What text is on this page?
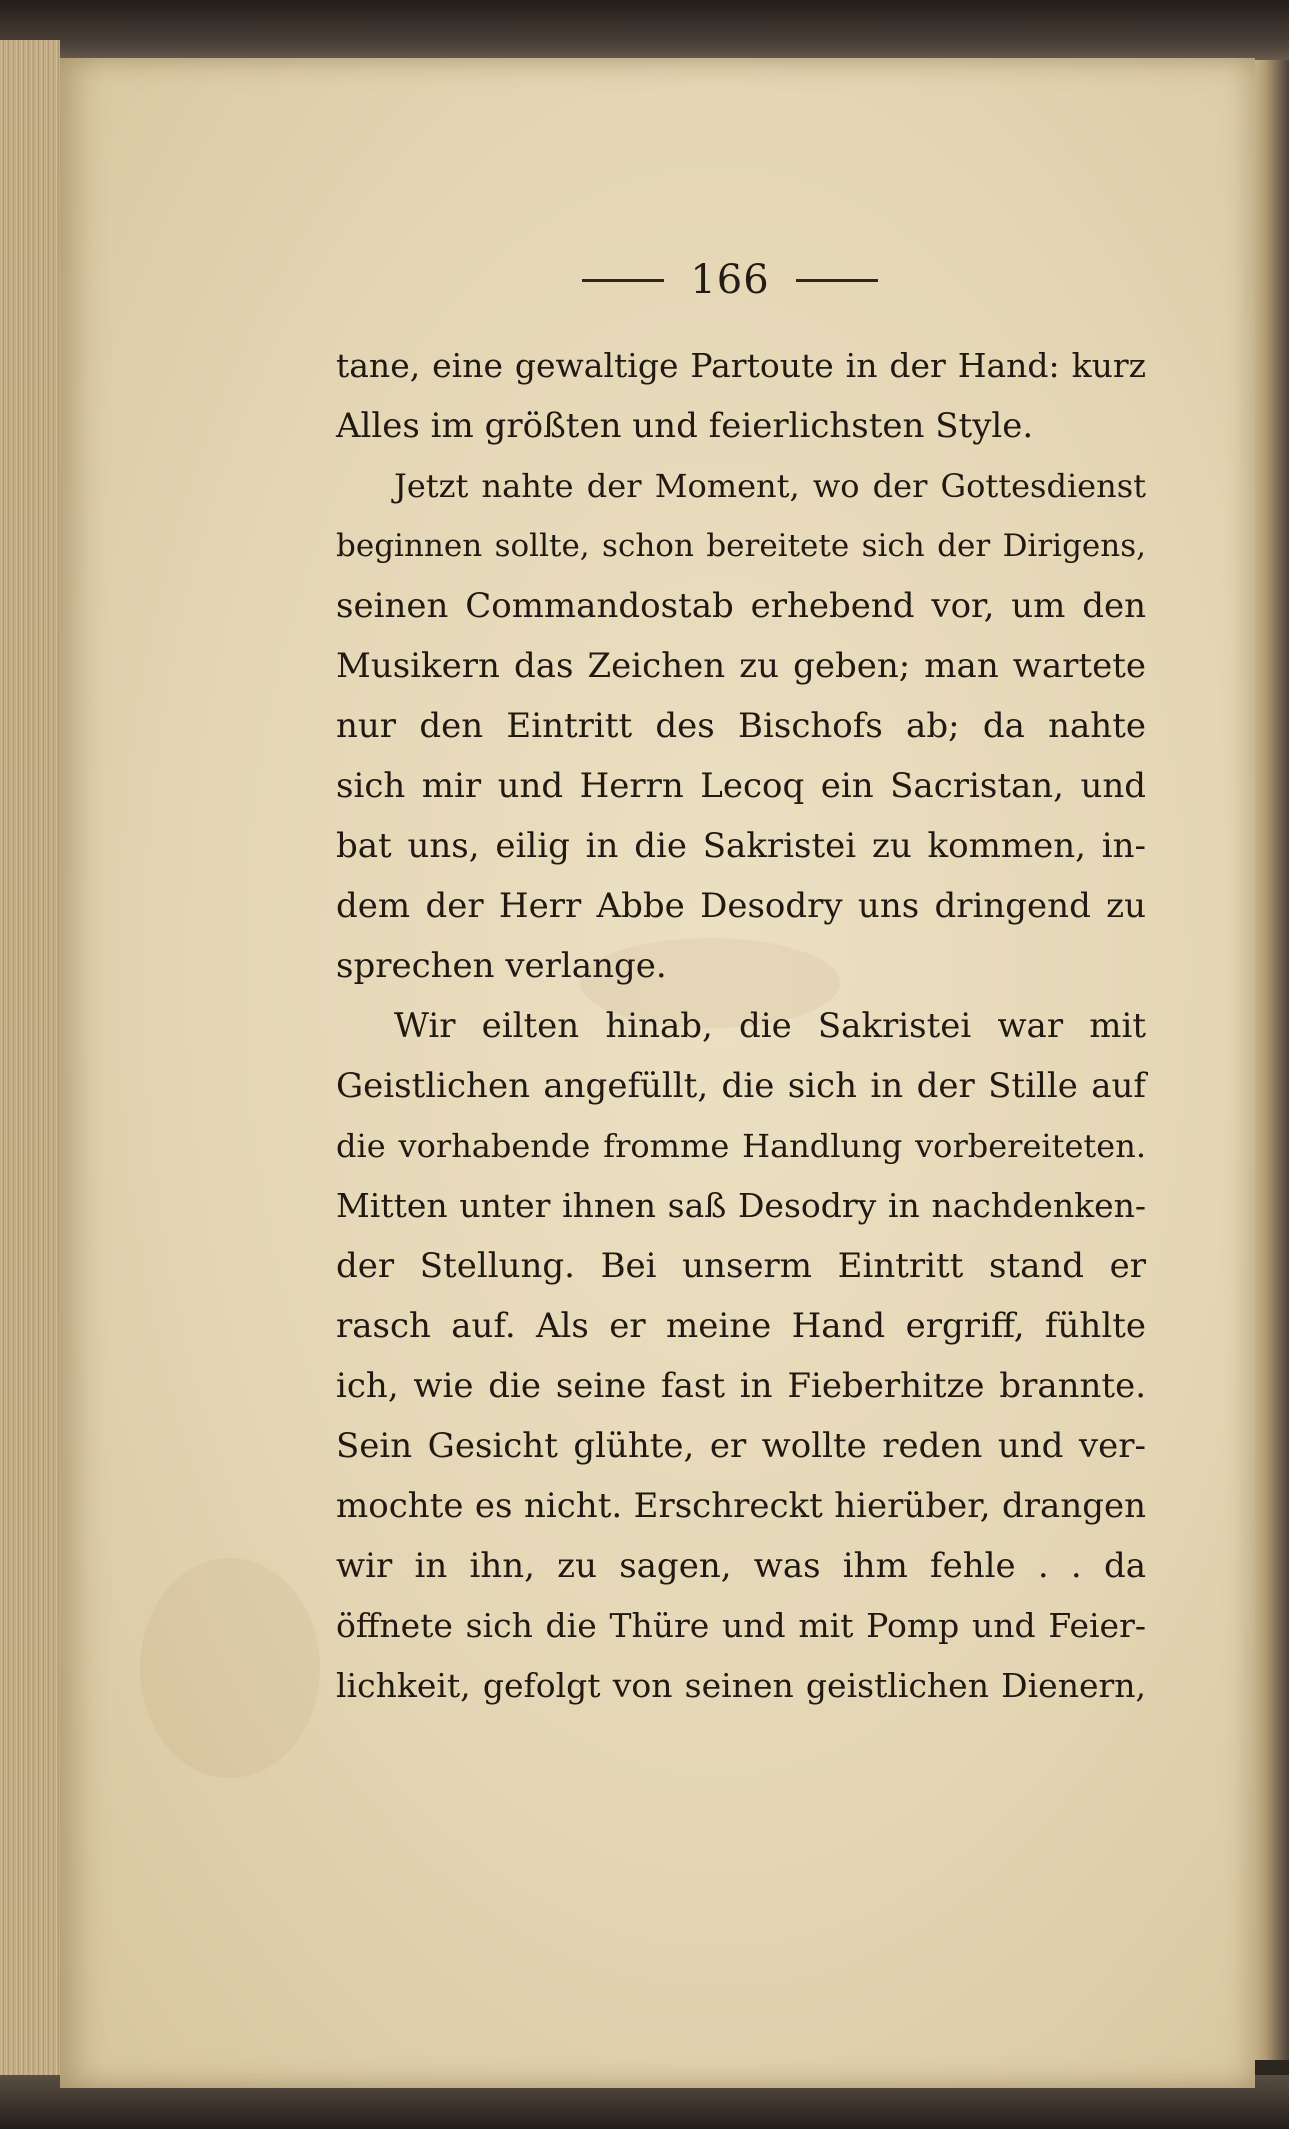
166
tane, eine gewaltige Partoute in der Hand: kurz
Alles im größten und feierlichsten Style.
Jetzt nahte der Moment, wo der Gottesdienst
beginnen sollte, schon bereitete sich der Dirigens,
seinen Commandostab erhebend vor, um den
Musikern das Zeichen zu geben; man wartete
nur den Eintritt des Bischofs ab; da nahte
sich mir und Herrn Lecoq ein Sacristan, und
bat uns, eilig in die Sakristei zu kommen, in-
dem der Herr Abbe Desodry uns dringend zu
sprechen verlange.
Wir eilten hinab, die Sakristei war mit
Geistlichen angefüllt, die sich in der Stille auf
die vorhabende fromme Handlung vorbereiteten.
Mitten unter ihnen saß Desodry in nachdenken-
der Stellung. Bei unserm Eintritt stand er
rasch auf. Als er meine Hand ergriff, fühlte
ich, wie die seine fast in Fieberhitze brannte.
Sein Gesicht glühte, er wollte reden und ver-
mochte es nicht. Erschreckt hierüber, drangen
wir in ihn, zu sagen, was ihm fehle . . da
öffnete sich die Thüre und mit Pomp und Feier-
lichkeit, gefolgt von seinen geistlichen Dienern,
